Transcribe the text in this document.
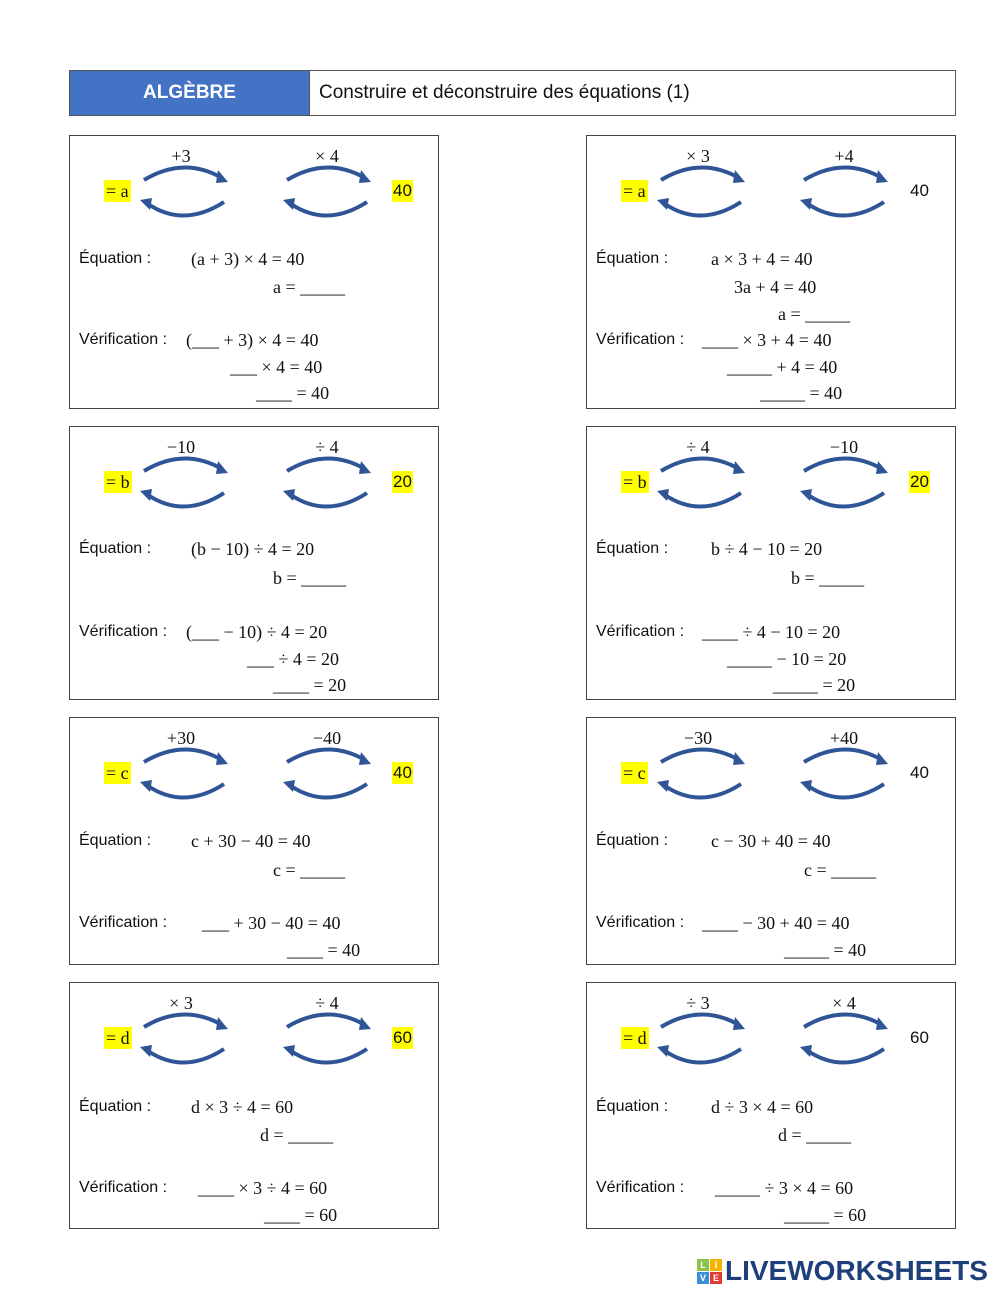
ALGÈBRE	Construire et déconstruire des équations (1)
+3	× 4
= a	40
Équation : (a + 3) × 4 = 40
a = _____
Vérification : (___ + 3) × 4 = 40
___ × 4 = 40
____ = 40
× 3	+4
= a	40
Équation : a × 3 + 4 = 40
3a + 4 = 40
a = _____
Vérification : ____ × 3 + 4 = 40
_____ + 4 = 40
_____ = 40
−10	÷ 4
= b	20
Équation : (b − 10) ÷ 4 = 20
b = _____
Vérification : (___ − 10) ÷ 4 = 20
___ ÷ 4 = 20
____ = 20
÷ 4	−10
= b	20
Équation : b ÷ 4 − 10 = 20
b = _____
Vérification : ____ ÷ 4 − 10 = 20
_____ − 10 = 20
_____ = 20
+30	−40
= c	40
Équation : c + 30 − 40 = 40
c = _____
Vérification : ___ + 30 − 40 = 40
____ = 40
−30	+40
= c	40
Équation : c − 30 + 40 = 40
c = _____
Vérification : ____ − 30 + 40 = 40
_____ = 40
× 3	÷ 4
= d	60
Équation : d × 3 ÷ 4 = 60
d = _____
Vérification : ____ × 3 ÷ 4 = 60
____ = 60
÷ 3	× 4
= d	60
Équation : d ÷ 3 × 4 = 60
d = _____
Vérification : _____ ÷ 3 × 4 = 60
_____ = 60
L I
V E LIVEWORKSHEETS
